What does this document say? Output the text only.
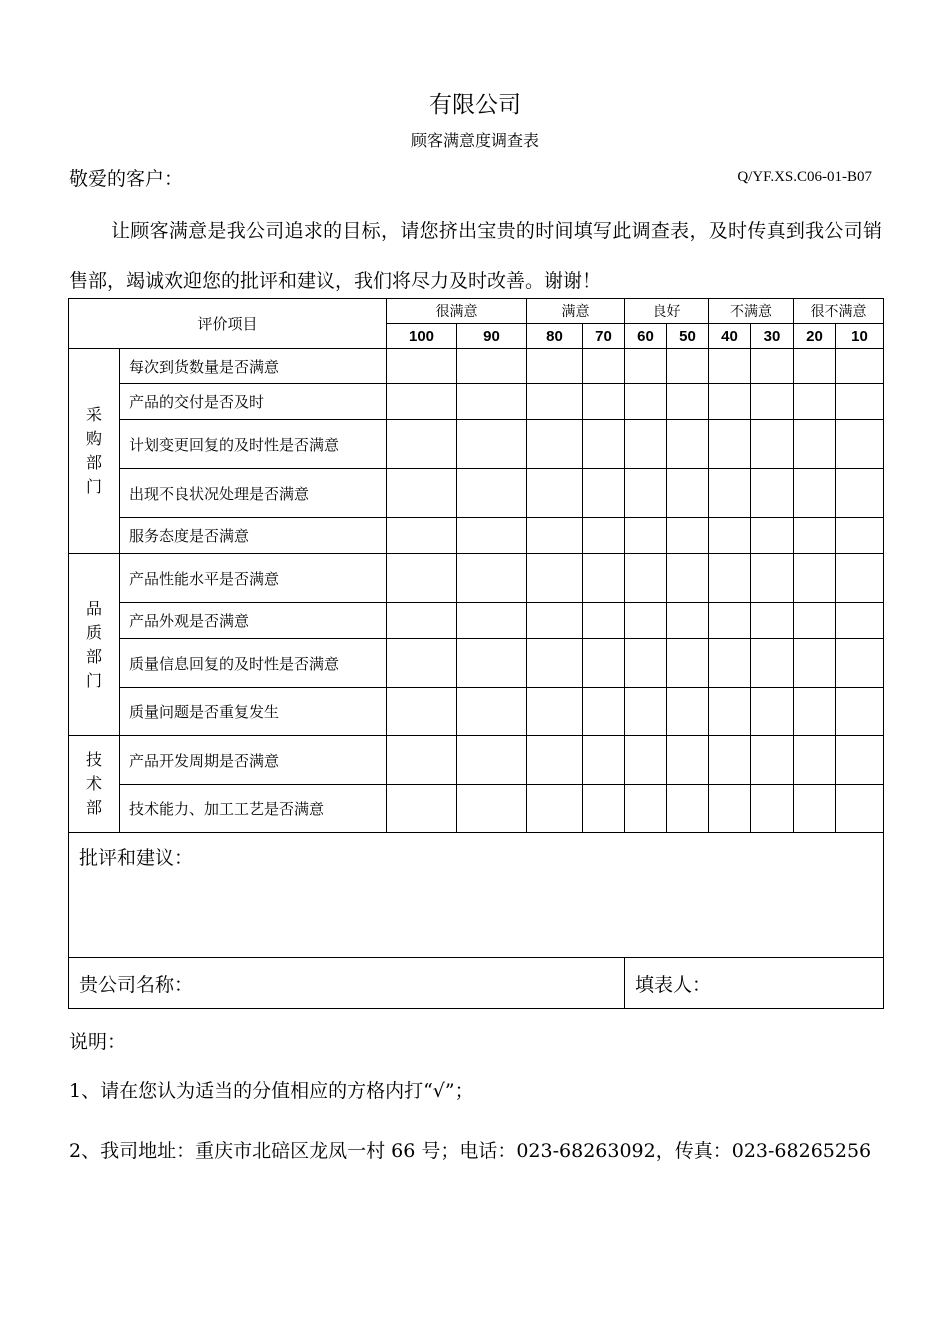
有限公司
顾客满意度调查表
敬爱的客户：	Q/YF.XS.C06-01-B07

让顾客满意是我公司追求的目标，请您挤出宝贵的时间填写此调查表，及时传真到我公司销售部，竭诚欢迎您的批评和建议，我们将尽力及时改善。谢谢！

评价项目		很满意		满意		良好		不满意		很不满意	
		100	90	80	70	60	50	40	30	20	10
采
购
部
门	每次到货数量是否满意										
	产品的交付是否及时										
	计划变更回复的及时性是否满意										
	出现不良状况处理是否满意										
	服务态度是否满意										
品
质
部
门	产品性能水平是否满意										
	产品外观是否满意										
	质量信息回复的及时性是否满意										
	质量问题是否重复发生										
技
术
部	产品开发周期是否满意										
	技术能力、加工工艺是否满意										
批评和建议：											
贵公司名称：						填表人：					
说明：
1、请在您认为适当的分值相应的方格内打“√”；
2、我司地址：重庆市北碚区龙凤一村 66 号；电话：023-68263092，传真：023-68265256
